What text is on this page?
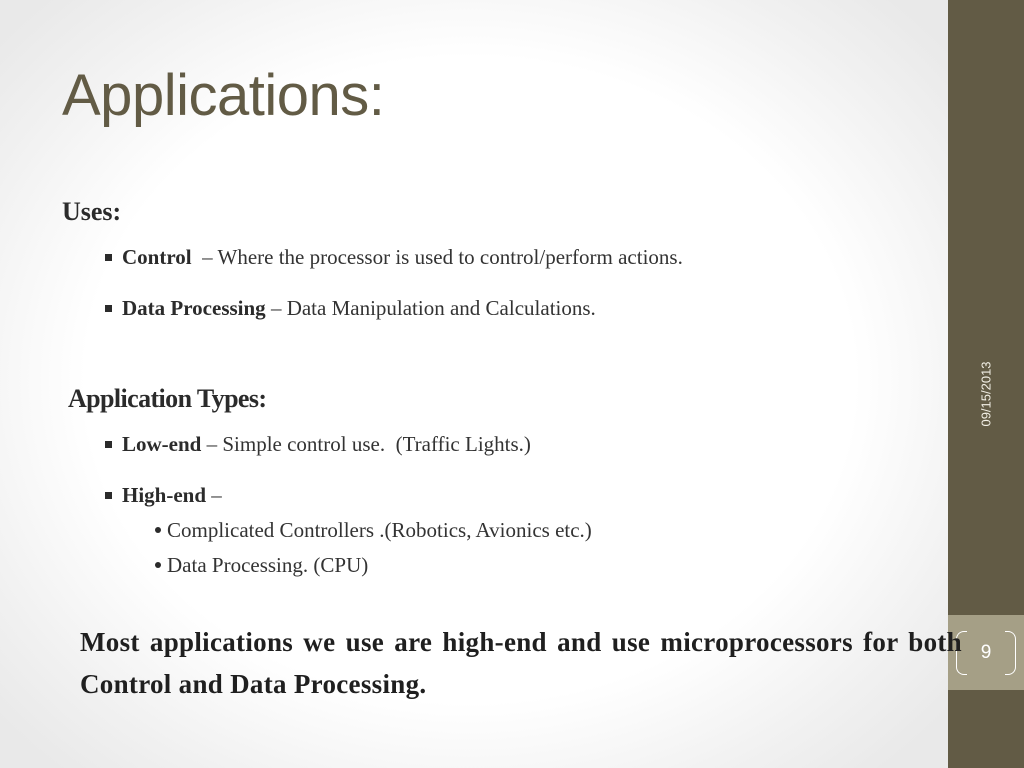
09/15/2013
9
Applications:
Uses:
Control  – Where the processor is used to control/perform actions.
Data Processing – Data Manipulation and Calculations.
Application Types:
Low-end – Simple control use.  (Traffic Lights.)
High-end –
Complicated Controllers .(Robotics, Avionics etc.)
Data Processing. (CPU)
Most applications we use are high-end and use microprocessors for both Control and Data Processing.
